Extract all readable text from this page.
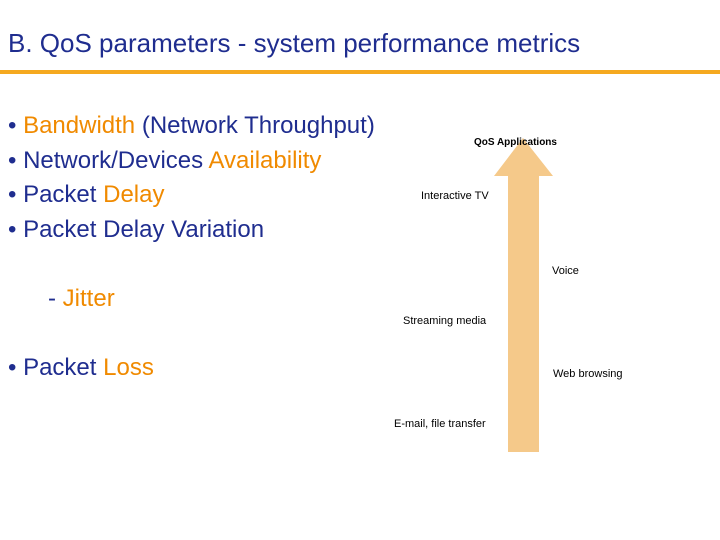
B. QoS parameters - system performance metrics
• Bandwidth (Network Throughput)
• Network/Devices Availability
• Packet Delay
• Packet Delay Variation

- Jitter

• Packet Loss
QoS Applications
Interactive TV
Voice
Streaming media
Web browsing
E-mail, file transfer
